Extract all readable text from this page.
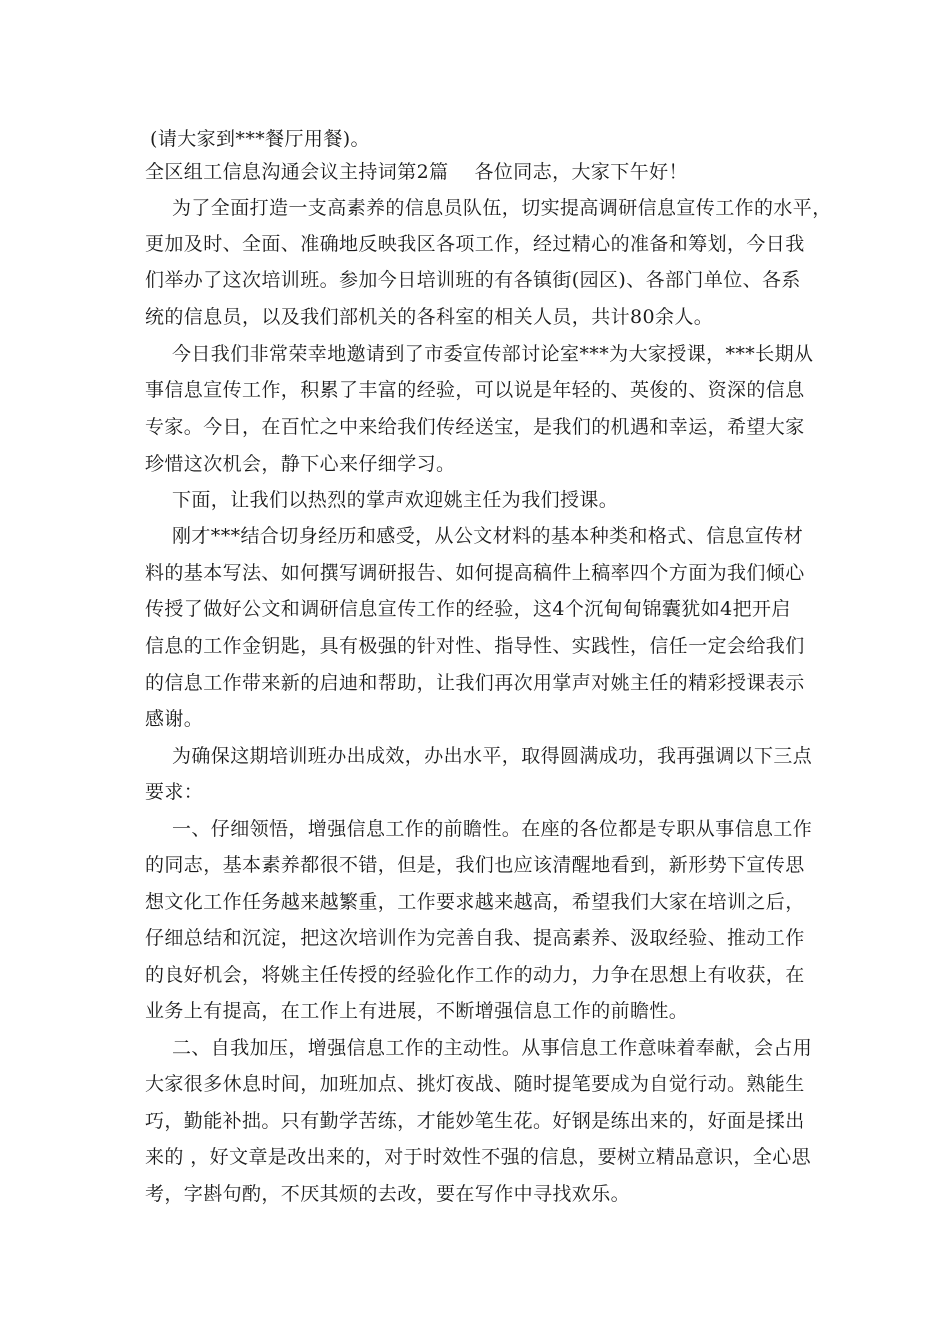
(请大家到***餐厅用餐)。
全区组工信息沟通会议主持词第2篇 各位同志，大家下午好！
为了全面打造一支高素养的信息员队伍，切实提高调研信息宣传工作的水平，
更加及时、全面、准确地反映我区各项工作，经过精心的准备和筹划，今日我
们举办了这次培训班。参加今日培训班的有各镇街(园区)、各部门单位、各系
统的信息员，以及我们部机关的各科室的相关人员，共计80余人。
今日我们非常荣幸地邀请到了市委宣传部讨论室***为大家授课，***长期从
事信息宣传工作，积累了丰富的经验，可以说是年轻的、英俊的、资深的信息
专家。今日，在百忙之中来给我们传经送宝，是我们的机遇和幸运，希望大家
珍惜这次机会，静下心来仔细学习。
下面，让我们以热烈的掌声欢迎姚主任为我们授课。
刚才***结合切身经历和感受，从公文材料的基本种类和格式、信息宣传材
料的基本写法、如何撰写调研报告、如何提高稿件上稿率四个方面为我们倾心
传授了做好公文和调研信息宣传工作的经验，这4个沉甸甸锦囊犹如4把开启
信息的工作金钥匙，具有极强的针对性、指导性、实践性，信任一定会给我们
的信息工作带来新的启迪和帮助，让我们再次用掌声对姚主任的精彩授课表示
感谢。
为确保这期培训班办出成效，办出水平，取得圆满成功，我再强调以下三点
要求：
一、仔细领悟，增强信息工作的前瞻性。在座的各位都是专职从事信息工作
的同志，基本素养都很不错，但是，我们也应该清醒地看到，新形势下宣传思
想文化工作任务越来越繁重，工作要求越来越高，希望我们大家在培训之后，
仔细总结和沉淀，把这次培训作为完善自我、提高素养、汲取经验、推动工作
的良好机会，将姚主任传授的经验化作工作的动力，力争在思想上有收获，在
业务上有提高，在工作上有进展，不断增强信息工作的前瞻性。
二、自我加压，增强信息工作的主动性。从事信息工作意味着奉献，会占用
大家很多休息时间，加班加点、挑灯夜战、随时提笔要成为自觉行动。熟能生
巧，勤能补拙。只有勤学苦练，才能妙笔生花。好钢是练出来的，好面是揉出
来的 ，好文章是改出来的，对于时效性不强的信息，要树立精品意识，全心思
考，字斟句酌，不厌其烦的去改，要在写作中寻找欢乐。
